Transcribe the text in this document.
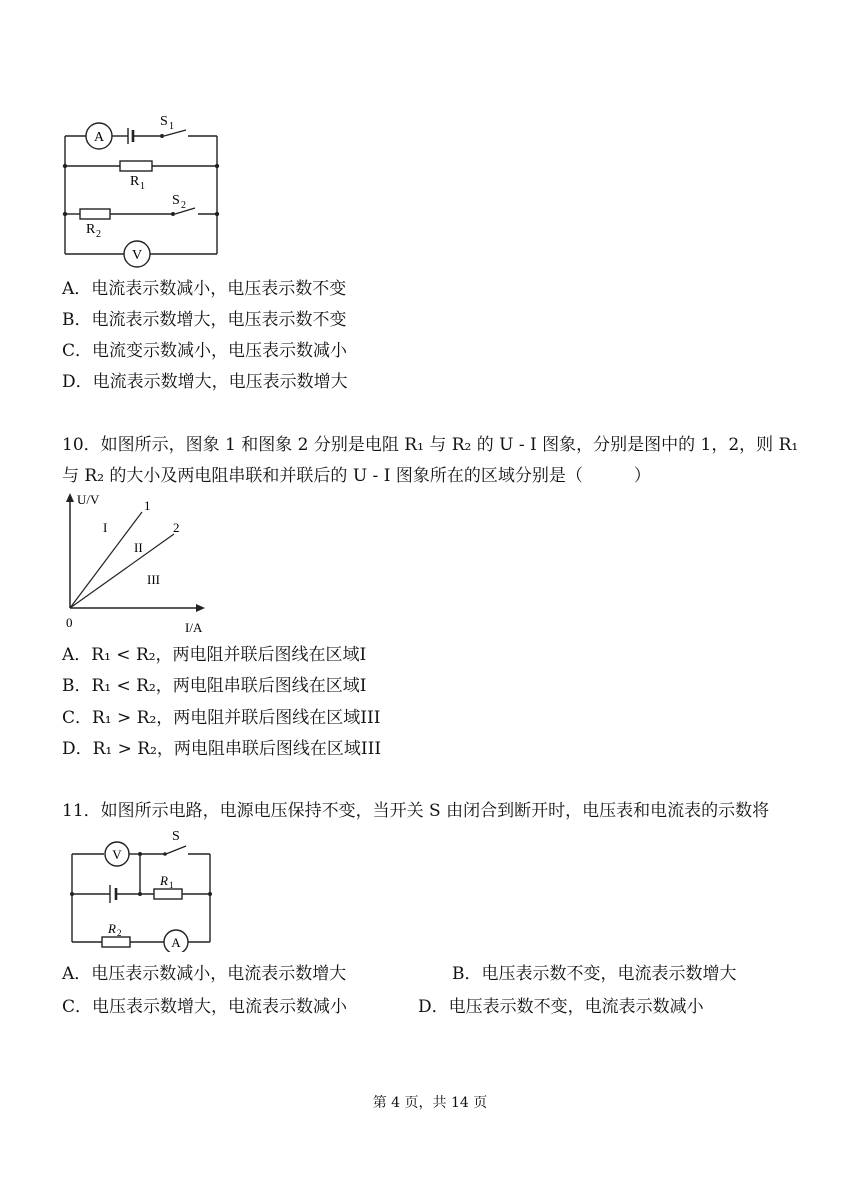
A
V
S 1
R 1
S 2
R 2
A．电流表示数减小，电压表示数不变
B．电流表示数增大，电压表示数不变
C．电流变示数减小，电压表示数减小
D．电流表示数增大，电压表示数增大
10．如图所示，图象 1 和图象 2 分别是电阻 R₁ 与 R₂ 的 U - I 图象，分别是图中的 1，2，则 R₁
与 R₂ 的大小及两电阻串联和并联后的 U - I 图象所在的区域分别是（　　　）
U/V
I/A
0
1
2
I
II
III
A．R₁ < R₂，两电阻并联后图线在区域I
B．R₁ < R₂，两电阻串联后图线在区域I
C．R₁ > R₂，两电阻并联后图线在区域III
D．R₁ > R₂，两电阻串联后图线在区域III
11．如图所示电路，电源电压保持不变，当开关 S 由闭合到断开时，电压表和电流表的示数将
S
V
A
R 1
R 2
A．电压表示数减小，电流表示数增大	B．电压表示数不变，电流表示数增大
C．电压表示数增大，电流表示数减小	D．电压表示数不变，电流表示数减小
第 4 页，共 14 页
